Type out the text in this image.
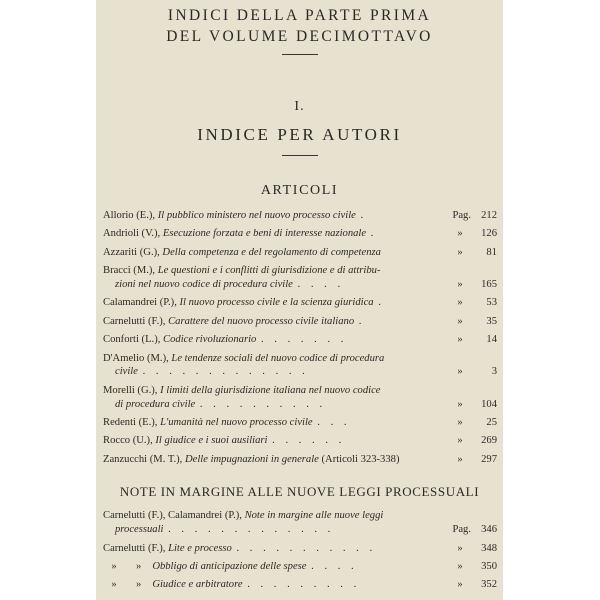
INDICI DELLA PARTE PRIMA
DEL VOLUME DECIMOTTAVO
I.
INDICE PER AUTORI
ARTICOLI
Allorio (E.), Il pubblico ministero nel nuovo processo civile .	Pag. 212
Andrioli (V.), Esecuzione forzata e beni di interesse nazionale .	»	126
Azzariti (G.), Della competenza e del regolamento di competenza	»	81
Bracci (M.), Le questioni e i conflitti di giurisdizione e di attribu-
zioni nel nuovo codice di procedura civile . . . .	»	165
Calamandrei (P.), Il nuovo processo civile e la scienza giuridica .	»	53
Carnelutti (F.), Carattere del nuovo processo civile italiano .	»	35
Conforti (L.), Codice rivoluzionario . . . . . . .	»	14
D'Amelio (M.), Le tendenze sociali del nuovo codice di procedura
civile . . . . . . . . . . . . .	»	3
Morelli (G.), I limiti della giurisdizione italiana nel nuovo codice
di procedura civile . . . . . . . . . .	»	104
Redenti (E.), L'umanità nel nuovo processo civile . . .	»	25
Rocco (U.), Il giudice e i suoi ausiliari . . . . . .	»	269
Zanzucchi (M. T.), Delle impugnazioni in generale (Articoli 323-338)	»	297
NOTE IN MARGINE ALLE NUOVE LEGGI PROCESSUALI
Carnelutti (F.), Calamandrei (P.), Note in margine alle nuove leggi
processuali . . . . . . . . . . . . .	Pag. 346
Carnelutti (F.), Lite e processo . . . . . . . . . . .	»	348
» » Obbligo di anticipazione delle spese . . . .	»	350
» » Giudice e arbitratore . . . . . . . . .	»	352
